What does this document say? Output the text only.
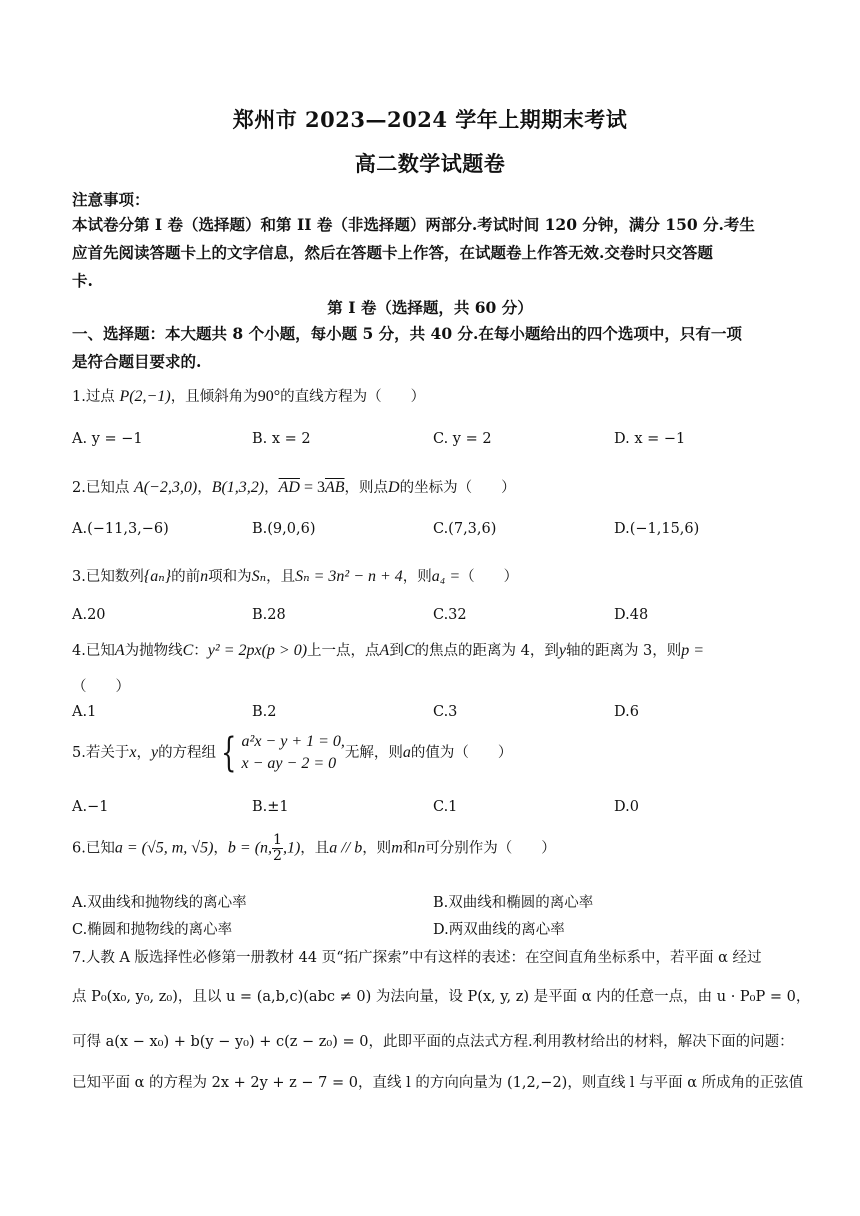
郑州市 2023—2024 学年上期期末考试
高二数学试题卷
注意事项：
本试卷分第 I 卷（选择题）和第 II 卷（非选择题）两部分.考试时间 120 分钟，满分 150 分.考生
应首先阅读答题卡上的文字信息，然后在答题卡上作答，在试题卷上作答无效.交卷时只交答题
卡.
第 I 卷（选择题，共 60 分）
一、选择题：本大题共 8 个小题，每小题 5 分，共 40 分.在每小题给出的四个选项中，只有一项
是符合题目要求的.
1.过点 P(2,−1)，且倾斜角为90°的直线方程为（　　）
A. y = −1	B. x = 2	C. y = 2	D. x = −1
2.已知点 A(−2,3,0)，B(1,3,2)，$\overline{AD} = 3\overline{AB}$，则点D的坐标为（　　）
A.(−11,3,−6)	B.(9,0,6)	C.(7,3,6)	D.(−1,15,6)
3.已知数列{aₙ}的前n项和为Sₙ，且Sₙ = 3n² − n + 4，则a₄ =（　　）
A.20	B.28	C.32	D.48
4.已知A为抛物线C：y² = 2px(p > 0)上一点，点A到C的焦点的距离为 4，到y轴的距离为 3，则p =
（　　）
A.1	B.2	C.3	D.6
5.若关于x，y的方程组 { a²x − y + 1 = 0,
x − ay − 2 = 0
无解，则a的值为（　　）
A.−1	B.±1	C.1	D.0
6.已知a = (√5, m, √5)，b = (n, $\frac{1}{2} ,1$)，且a // b，则m和n可分别作为（　　）
A.双曲线和抛物线的离心率	B.双曲线和椭圆的离心率
C.椭圆和抛物线的离心率	D.两双曲线的离心率
7.人教 A 版选择性必修第一册教材 44 页“拓广探索”中有这样的表述：在空间直角坐标系中，若平面 α 经过
点 P₀(x₀, y₀, z₀)，且以 u = (a,b,c)(abc ≠ 0) 为法向量，设 P(x, y, z) 是平面 α 内的任意一点，由 u · P₀P = 0，
可得 a(x − x₀) + b(y − y₀) + c(z − z₀) = 0，此即平面的点法式方程.利用教材给出的材料，解决下面的问题：
已知平面 α 的方程为 2x + 2y + z − 7 = 0，直线 l 的方向向量为 (1,2,−2)，则直线 l 与平面 α 所成角的正弦值
